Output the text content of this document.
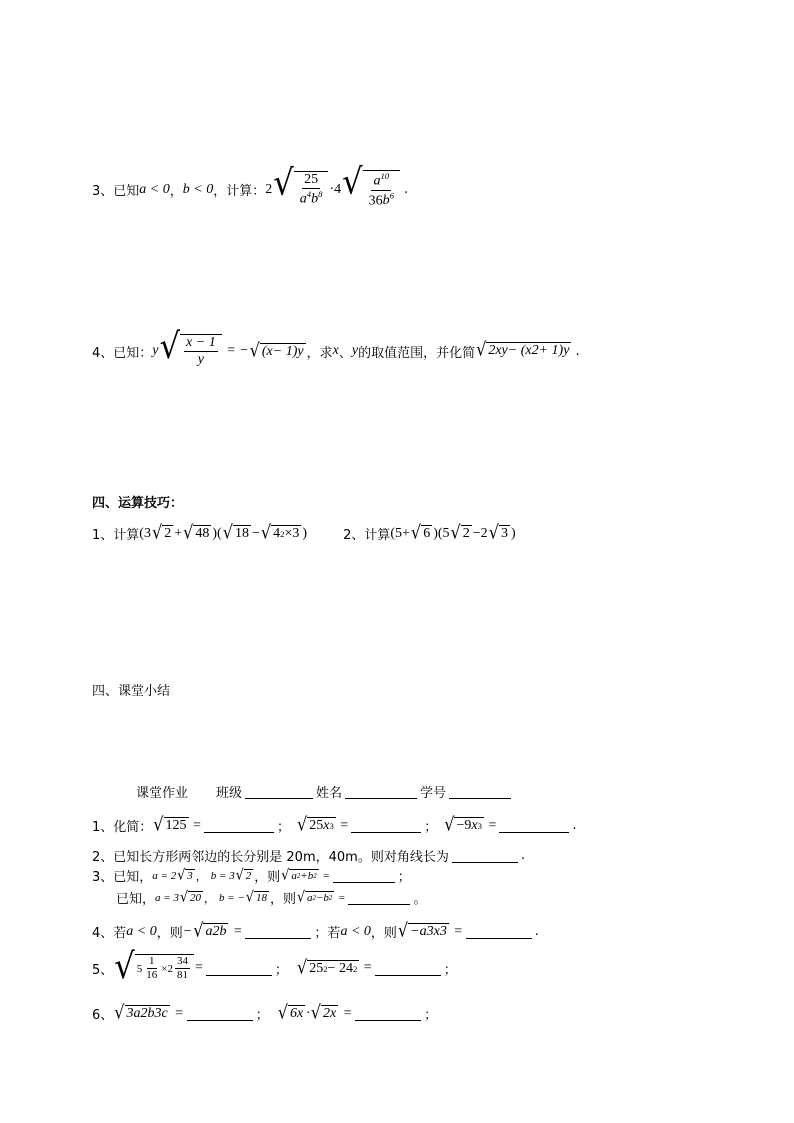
3、 已知 a < 0 ， b < 0 ，计算： 2 √ $\frac{25}{a^4b^8} \cdot 4$ √ $\frac{a^{10}}{36b^6}$ .
4、 已知： y √ $\frac{x - 1}{y}$ = − √ ( x − 1) y ，求 x 、 y 的取值范围，并化简 √ 2 xy − ( x 2 + 1) y .
四、运算技巧：
1、计算 (3 √ 2 + √ 48 )( √ 18 − √ 4 2 ×3 )	2、计算 (5+ √ 6 )(5 √ 2 −2 √ 3 )
四、课堂小结
课堂作业 班级	姓名	学号
1、化简： √ 125 =	； √ 25 x 3 =	； √ −9 x 3 =	.
2、已知长方形两邻边的长分别是 20m，40m。则对角线长为	.
3、已知， a = 2 √ 3 ， b = 3 √ 2 ，则 √ a 2 + b 2 =	；
已知， a = 3 √ 20 ， b = − √ 18 ，则 √ a 2 − b 2 =	。
4、若 a < 0 ，则 − √ a 2 b
=	；若 a < 0 ，则 √ − a 3 x 3
=	.
5、 √ $5 \frac{1}{16} \times 2 \frac{34}{81}$ =	； √ 25 2 − 24 2 =	；
6、 √ 3 a 2 b 3 c
=	； √ 6 x · √ 2 x
=	；
